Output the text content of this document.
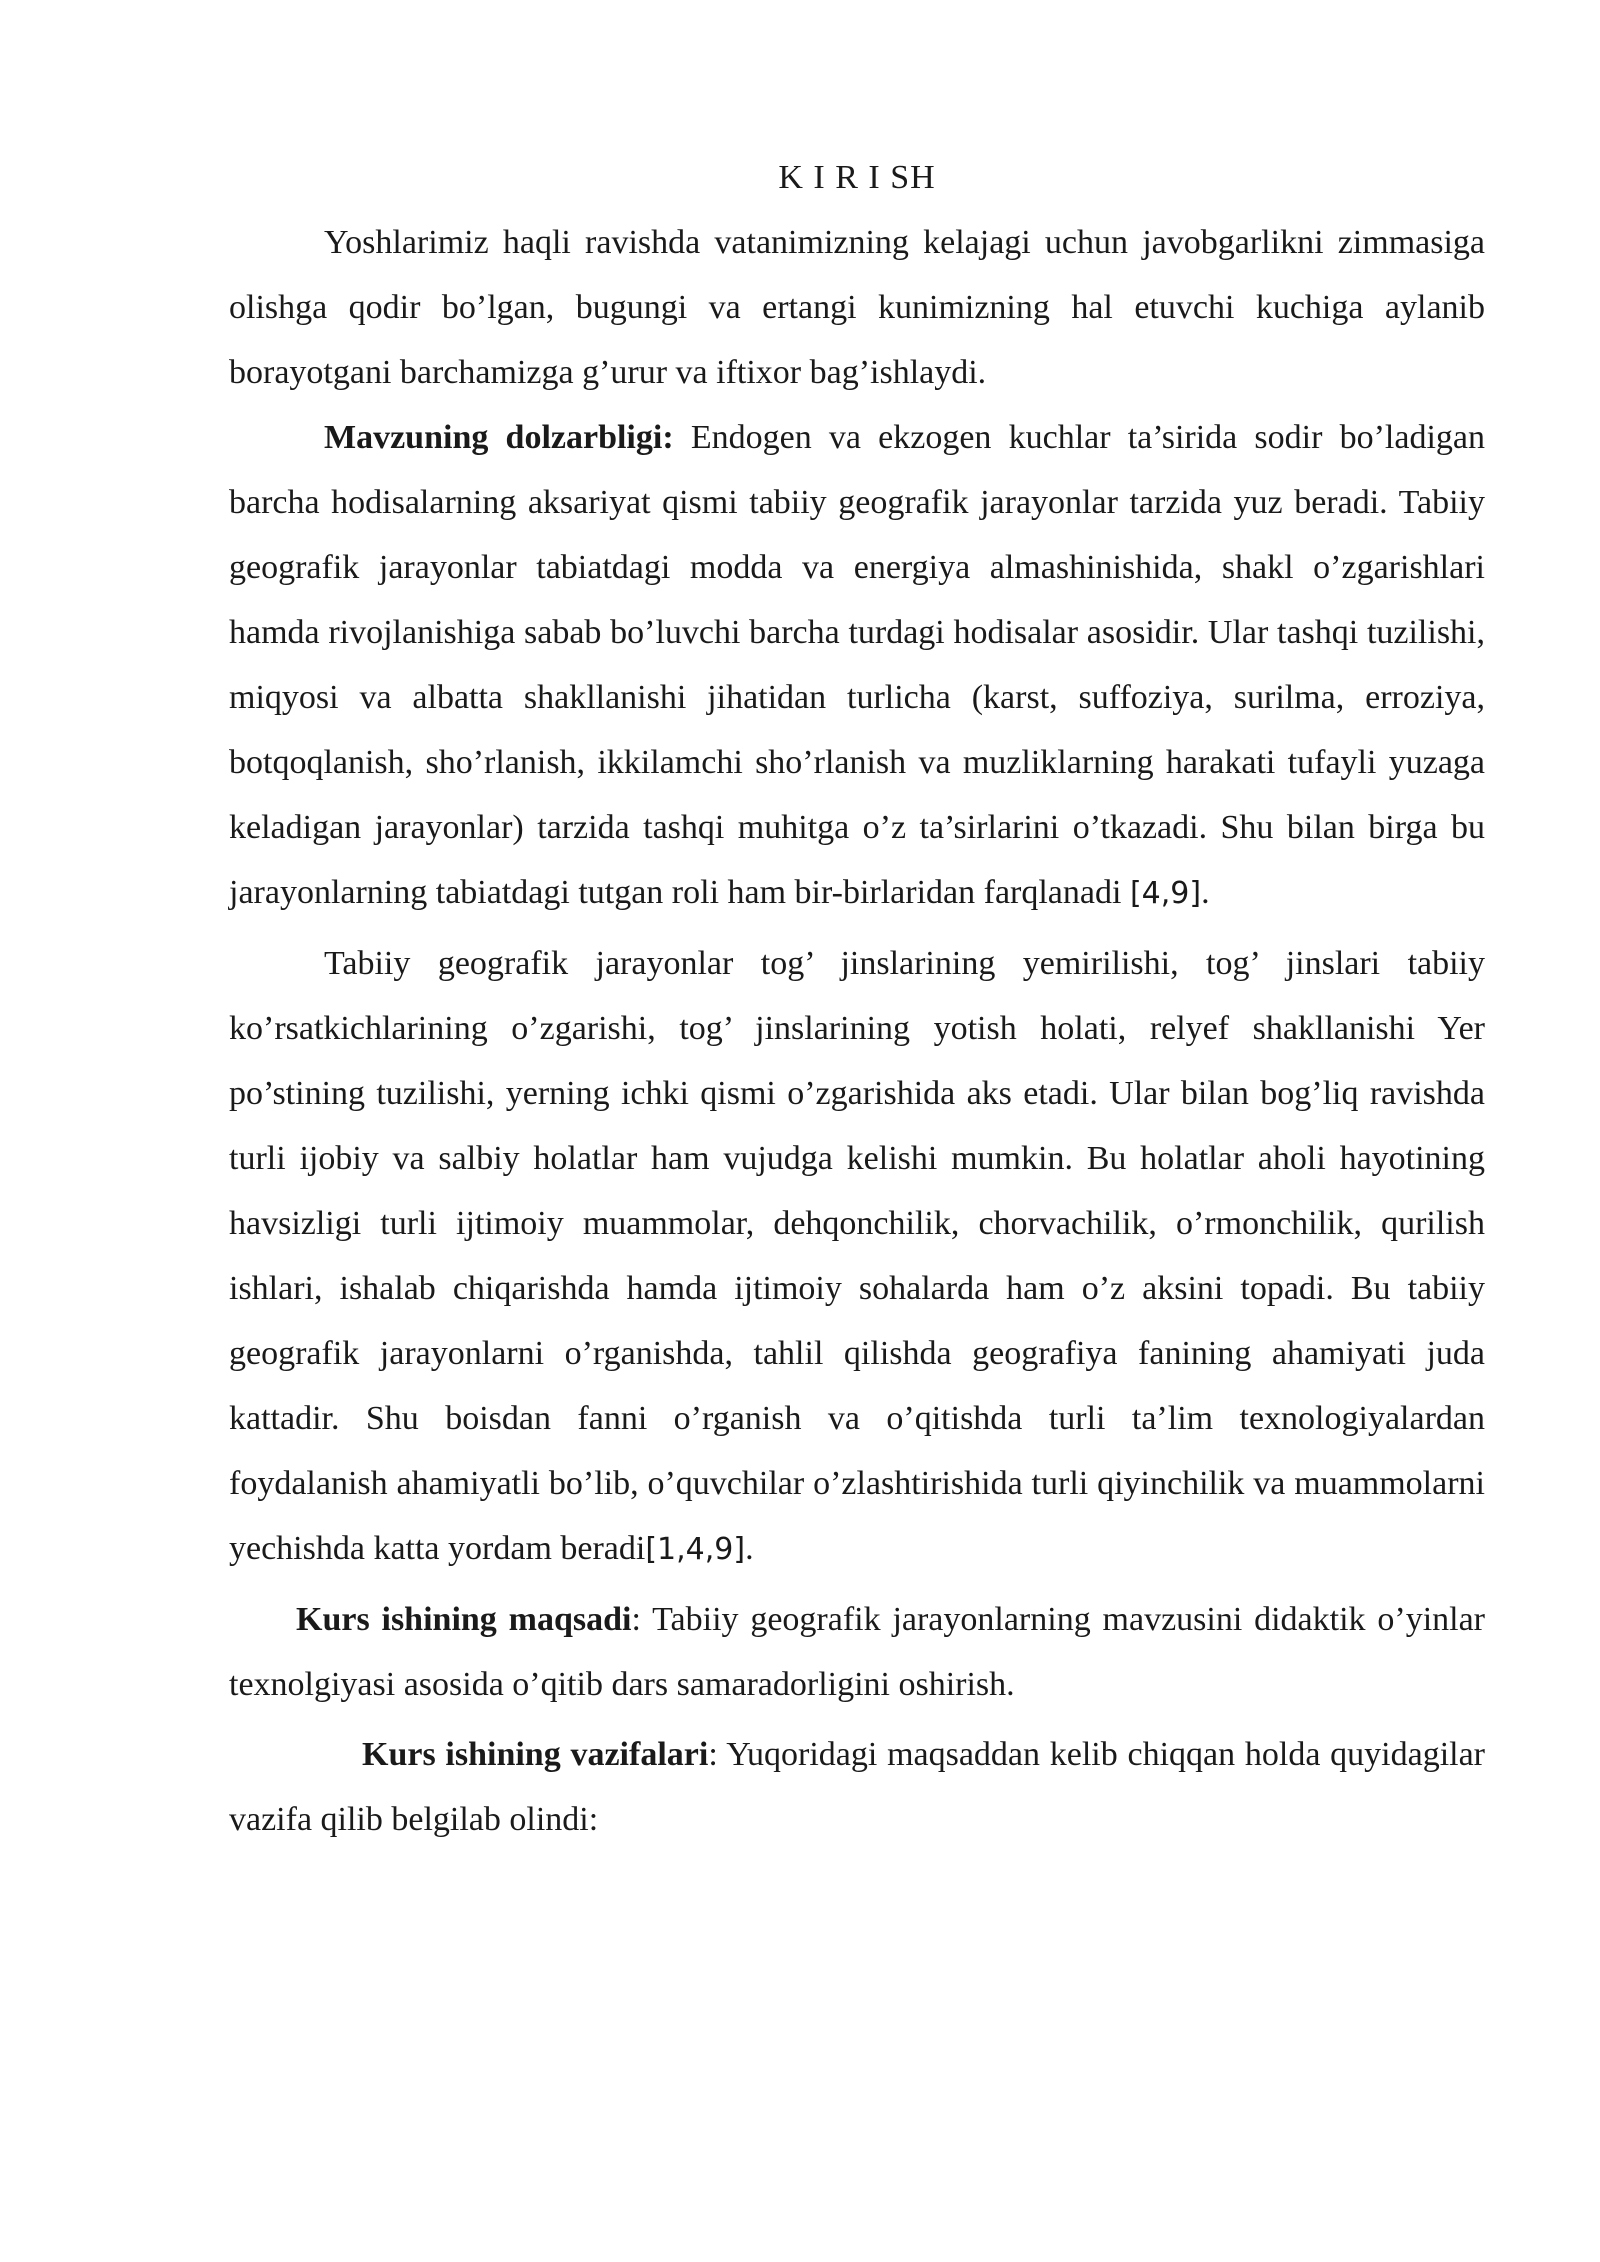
K I R I SH

Yoshlarimiz haqli ravishda vatanimizning kelajagi uchun javobgarlikni zimmasiga olishga qodir bo’lgan, bugungi va ertangi kunimizning hal etuvchi kuchiga aylanib borayotgani barchamizga g’urur va iftixor bag’ishlaydi.

Mavzuning dolzarbligi: Endogen va ekzogen kuchlar ta’sirida sodir bo’ladigan barcha hodisalarning aksariyat qismi tabiiy geografik jarayonlar tarzida yuz beradi. Tabiiy geografik jarayonlar tabiatdagi modda va energiya almashinishida, shakl o’zgarishlari hamda rivojlanishiga sabab bo’luvchi barcha turdagi hodisalar asosidir. Ular tashqi tuzilishi, miqyosi va albatta shakllanishi jihatidan turlicha (karst, suffoziya, surilma, erroziya, botqoqlanish, sho’rlanish, ikkilamchi sho’rlanish va muzliklarning harakati tufayli yuzaga keladigan jarayonlar) tarzida tashqi muhitga o’z ta’sirlarini o’tkazadi. Shu bilan birga bu jarayonlarning tabiatdagi tutgan roli ham bir-birlaridan farqlanadi [4,9].

Tabiiy geografik jarayonlar tog’ jinslarining yemirilishi, tog’ jinslari tabiiy ko’rsatkichlarining o’zgarishi, tog’ jinslarining yotish holati, relyef shakllanishi Yer po’stining tuzilishi, yerning ichki qismi o’zgarishida aks etadi. Ular bilan bog’liq ravishda turli ijobiy va salbiy holatlar ham vujudga kelishi mumkin. Bu holatlar aholi hayotining havsizligi turli ijtimoiy muammolar, dehqonchilik, chorvachilik, o’rmonchilik, qurilish ishlari, ishalab chiqarishda hamda ijtimoiy sohalarda ham o’z aksini topadi. Bu tabiiy geografik jarayonlarni o’rganishda, tahlil qilishda geografiya fanining ahamiyati juda kattadir. Shu boisdan fanni o’rganish va o’qitishda turli ta’lim texnologiyalardan foydalanish ahamiyatli bo’lib, o’quvchilar o’zlashtirishida turli qiyinchilik va muammolarni yechishda katta yordam beradi[1,4,9].

Kurs ishining maqsadi: Tabiiy geografik jarayonlarning mavzusini didaktik o’yinlar texnolgiyasi asosida o’qitib dars samaradorligini oshirish.

Kurs ishining vazifalari: Yuqoridagi maqsaddan kelib chiqqan holda quyidagilar vazifa qilib belgilab olindi:
